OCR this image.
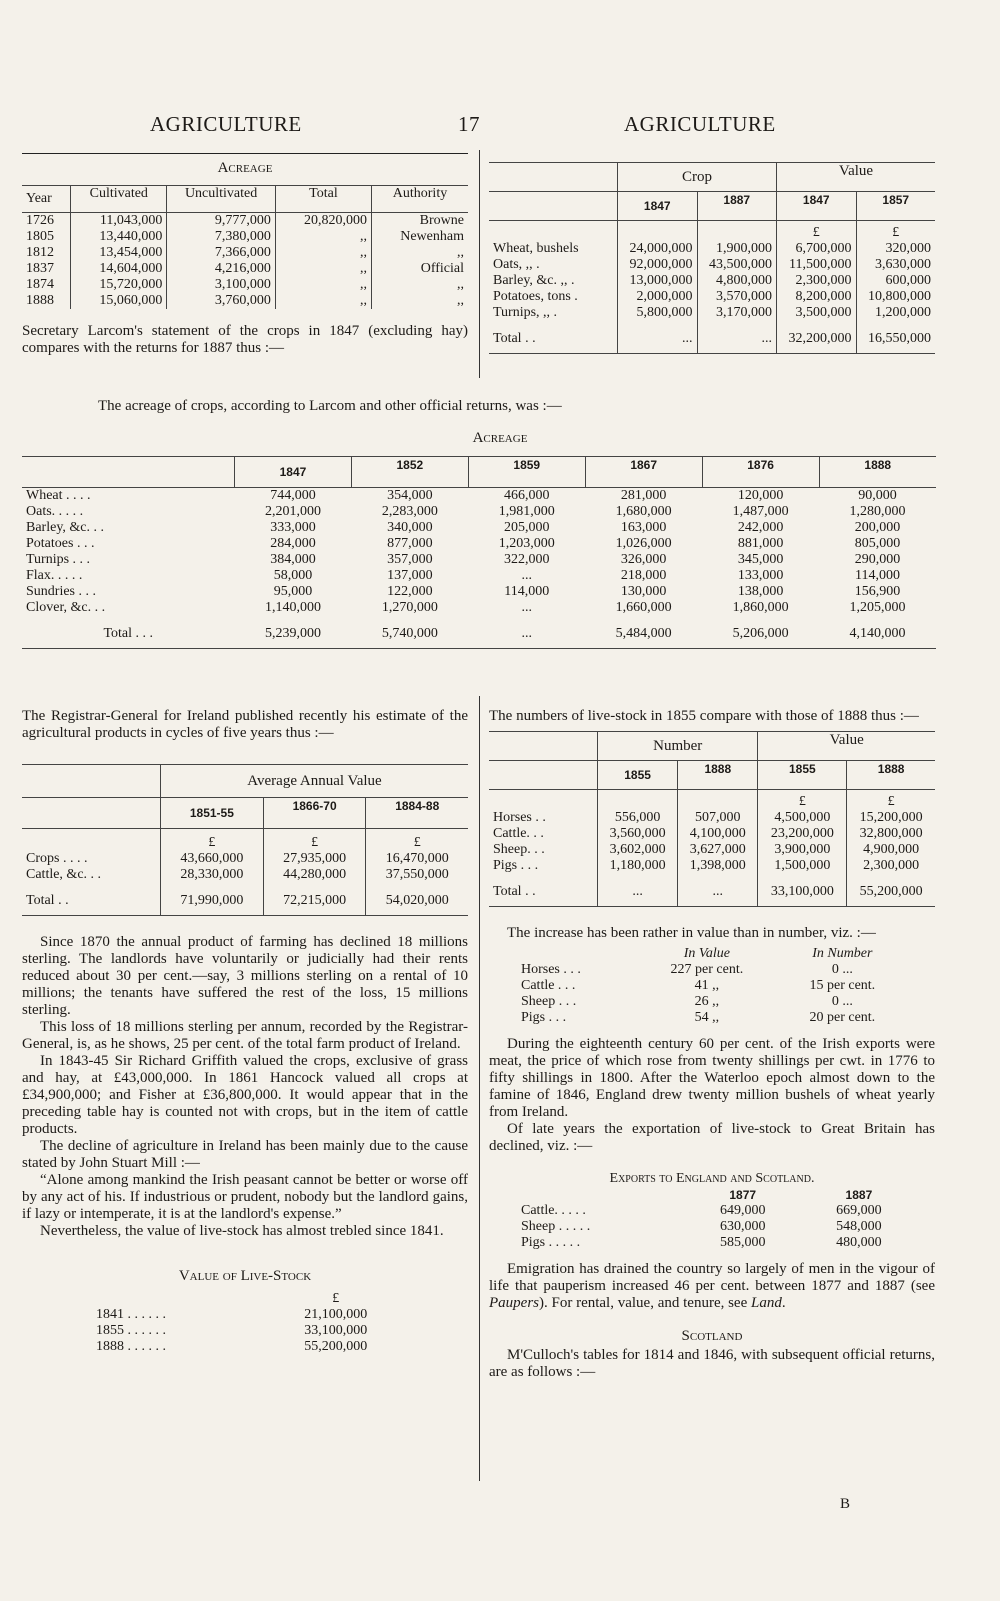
AGRICULTURE	17	AGRICULTURE
Acreage
Year	Cultivated	Uncultivated	Total	Authority
1726	11,043,000	9,777,000	20,820,000	Browne
1805	13,440,000	7,380,000	,,	Newenham
1812	13,454,000	7,366,000	,,	,,
1837	14,604,000	4,216,000	,,	Official
1874	15,720,000	3,100,000	,,	,,
1888	15,060,000	3,760,000	,,	,,

Secretary Larcom's statement of the crops in 1847 (excluding hay) compares with the returns for 1887 thus :—

	Crop		Value	
	1847	1887	1847	1857
			£	£
Wheat, bushels	24,000,000	1,900,000	6,700,000	320,000
Oats, ,, .	92,000,000	43,500,000	11,500,000	3,630,000
Barley, &c. ,, .	13,000,000	4,800,000	2,300,000	600,000
Potatoes, tons .	2,000,000	3,570,000	8,200,000	10,800,000
Turnips, ,, .	5,800,000	3,170,000	3,500,000	1,200,000
Total . .	...	...	32,200,000	16,550,000

The acreage of crops, according to Larcom and other official returns, was :—

Acreage
	1847	1852	1859	1867	1876	1888
Wheat . . . .	744,000	354,000	466,000	281,000	120,000	90,000
Oats. . . . .	2,201,000	2,283,000	1,981,000	1,680,000	1,487,000	1,280,000
Barley, &c. . .	333,000	340,000	205,000	163,000	242,000	200,000
Potatoes . . .	284,000	877,000	1,203,000	1,026,000	881,000	805,000
Turnips . . .	384,000	357,000	322,000	326,000	345,000	290,000
Flax. . . . .	58,000	137,000	...	218,000	133,000	114,000
Sundries . . .	95,000	122,000	114,000	130,000	138,000	156,900
Clover, &c. . .	1,140,000	1,270,000	...	1,660,000	1,860,000	1,205,000
Total . . .	5,239,000	5,740,000	...	5,484,000	5,206,000	4,140,000

The Registrar-General for Ireland published recently his estimate of the agricultural products in cycles of five years thus :—

	Average Annual Value		
	1851-55	1866-70	1884-88
	£	£	£
Crops . . . .	43,660,000	27,935,000	16,470,000
Cattle, &c. . .	28,330,000	44,280,000	37,550,000
Total . .	71,990,000	72,215,000	54,020,000

Since 1870 the annual product of farming has declined 18 millions sterling. The landlords have voluntarily or judicially had their rents reduced about 30 per cent.—say, 3 millions sterling on a rental of 10 millions; the tenants have suffered the rest of the loss, 15 millions sterling.

This loss of 18 millions sterling per annum, recorded by the Registrar-General, is, as he shows, 25 per cent. of the total farm product of Ireland.

In 1843-45 Sir Richard Griffith valued the crops, exclusive of grass and hay, at £43,000,000. In 1861 Hancock valued all crops at £34,900,000; and Fisher at £36,800,000. It would appear that in the preceding table hay is counted not with crops, but in the item of cattle products.

The decline of agriculture in Ireland has been mainly due to the cause stated by John Stuart Mill :—

“Alone among mankind the Irish peasant cannot be better or worse off by any act of his. If industrious or prudent, nobody but the landlord gains, if lazy or intemperate, it is at the landlord's expense.”

Nevertheless, the value of live-stock has almost trebled since 1841.

Value of Live-Stock
	£
1841 . . . . . .	21,100,000
1855 . . . . . .	33,100,000
1888 . . . . . .	55,200,000

The numbers of live-stock in 1855 compare with those of 1888 thus :—

	Number		Value	
	1855	1888	1855	1888
			£	£
Horses . .	556,000	507,000	4,500,000	15,200,000
Cattle. . .	3,560,000	4,100,000	23,200,000	32,800,000
Sheep. . .	3,602,000	3,627,000	3,900,000	4,900,000
Pigs . . .	1,180,000	1,398,000	1,500,000	2,300,000
Total . .	...	...	33,100,000	55,200,000

The increase has been rather in value than in number, viz. :—

	In Value	In Number
Horses . . .	227 per cent.	0 ...
Cattle . . .	41 ,,	15 per cent.
Sheep . . .	26 ,,	0 ...
Pigs . . .	54 ,,	20 per cent.

During the eighteenth century 60 per cent. of the Irish exports were meat, the price of which rose from twenty shillings per cwt. in 1776 to fifty shillings in 1800. After the Waterloo epoch almost down to the famine of 1846, England drew twenty million bushels of wheat yearly from Ireland.

Of late years the exportation of live-stock to Great Britain has declined, viz. :—

Exports to England and Scotland.
	1877	1887
Cattle. . . . .	649,000	669,000
Sheep . . . . .	630,000	548,000
Pigs . . . . .	585,000	480,000

Emigration has drained the country so largely of men in the vigour of life that pauperism increased 46 per cent. between 1877 and 1887 (see Paupers). For rental, value, and tenure, see Land.

Scotland

M'Culloch's tables for 1814 and 1846, with subsequent official returns, are as follows :—

B
